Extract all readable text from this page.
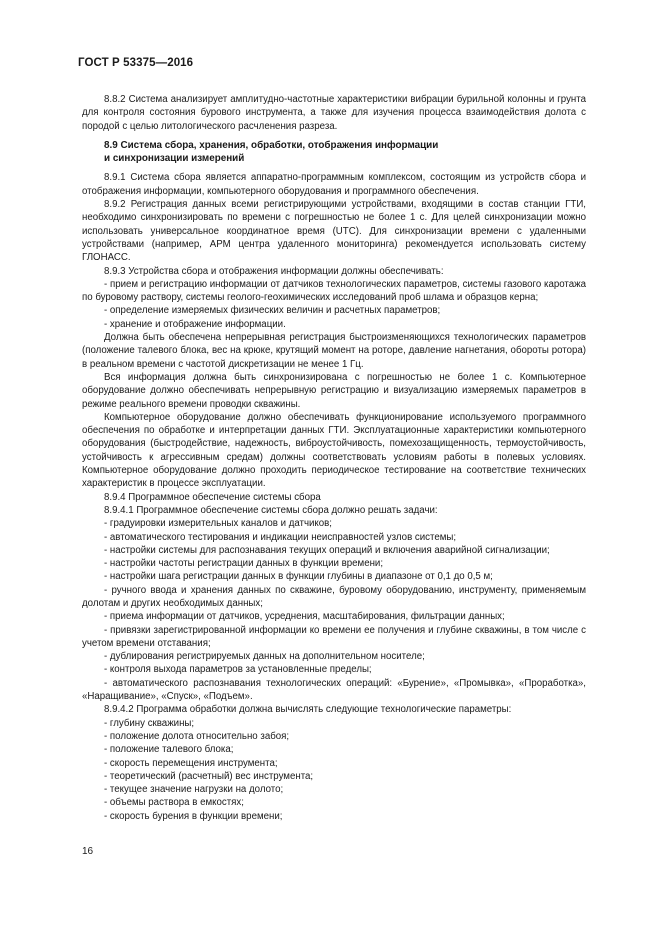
ГОСТ Р 53375—2016

8.8.2 Система анализирует амплитудно-частотные характеристики вибрации бурильной колонны и грунта для контроля состояния бурового инструмента, а также для изучения процесса взаимодействия долота с породой с целью литологического расчленения разреза.

8.9 Система сбора, хранения, обработки, отображения информации
и синхронизации измерений

8.9.1 Система сбора является аппаратно-программным комплексом, состоящим из устройств сбора и отображения информации, компьютерного оборудования и программного обеспечения.

8.9.2 Регистрация данных всеми регистрирующими устройствами, входящими в состав станции ГТИ, необходимо синхронизировать по времени с погрешностью не более 1 с. Для целей синхронизации можно использовать универсальное координатное время (UTC). Для синхронизации времени с удаленными устройствами (например, АРМ центра удаленного мониторинга) рекомендуется использовать систему ГЛОНАСС.

8.9.3 Устройства сбора и отображения информации должны обеспечивать:

- прием и регистрацию информации от датчиков технологических параметров, системы газового каротажа по буровому раствору, системы геолого-геохимических исследований проб шлама и образцов керна;

- определение измеряемых физических величин и расчетных параметров;

- хранение и отображение информации.

Должна быть обеспечена непрерывная регистрация быстроизменяющихся технологических параметров (положение талевого блока, вес на крюке, крутящий момент на роторе, давление нагнетания, обороты ротора) в реальном времени с частотой дискретизации не менее 1 Гц.

Вся информация должна быть синхронизирована с погрешностью не более 1 с. Компьютерное оборудование должно обеспечивать непрерывную регистрацию и визуализацию измеряемых параметров в режиме реального времени проводки скважины.

Компьютерное оборудование должно обеспечивать функционирование используемого программного обеспечения по обработке и интерпретации данных ГТИ. Эксплуатационные характеристики компьютерного оборудования (быстродействие, надежность, виброустойчивость, помехозащищенность, термоустойчивость, устойчивость к агрессивным средам) должны соответствовать условиям работы в полевых условиях. Компьютерное оборудование должно проходить периодическое тестирование на соответствие технических характеристик в процессе эксплуатации.

8.9.4 Программное обеспечение системы сбора

8.9.4.1 Программное обеспечение системы сбора должно решать задачи:

- градуировки измерительных каналов и датчиков;

- автоматического тестирования и индикации неисправностей узлов системы;

- настройки системы для распознавания текущих операций и включения аварийной сигнализации;

- настройки частоты регистрации данных в функции времени;

- настройки шага регистрации данных в функции глубины в диапазоне от 0,1 до 0,5 м;

- ручного ввода и хранения данных по скважине, буровому оборудованию, инструменту, применяемым долотам и других необходимых данных;

- приема информации от датчиков, усреднения, масштабирования, фильтрации данных;

- привязки зарегистрированной информации ко времени ее получения и глубине скважины, в том числе с учетом времени отставания;

- дублирования регистрируемых данных на дополнительном носителе;

- контроля выхода параметров за установленные пределы;

- автоматического распознавания технологических операций: «Бурение», «Промывка», «Проработка», «Наращивание», «Спуск», «Подъем».

8.9.4.2 Программа обработки должна вычислять следующие технологические параметры:

- глубину скважины;

- положение долота относительно забоя;

- положение талевого блока;

- скорость перемещения инструмента;

- теоретический (расчетный) вес инструмента;

- текущее значение нагрузки на долото;

- объемы раствора в емкостях;

- скорость бурения в функции времени;

16
